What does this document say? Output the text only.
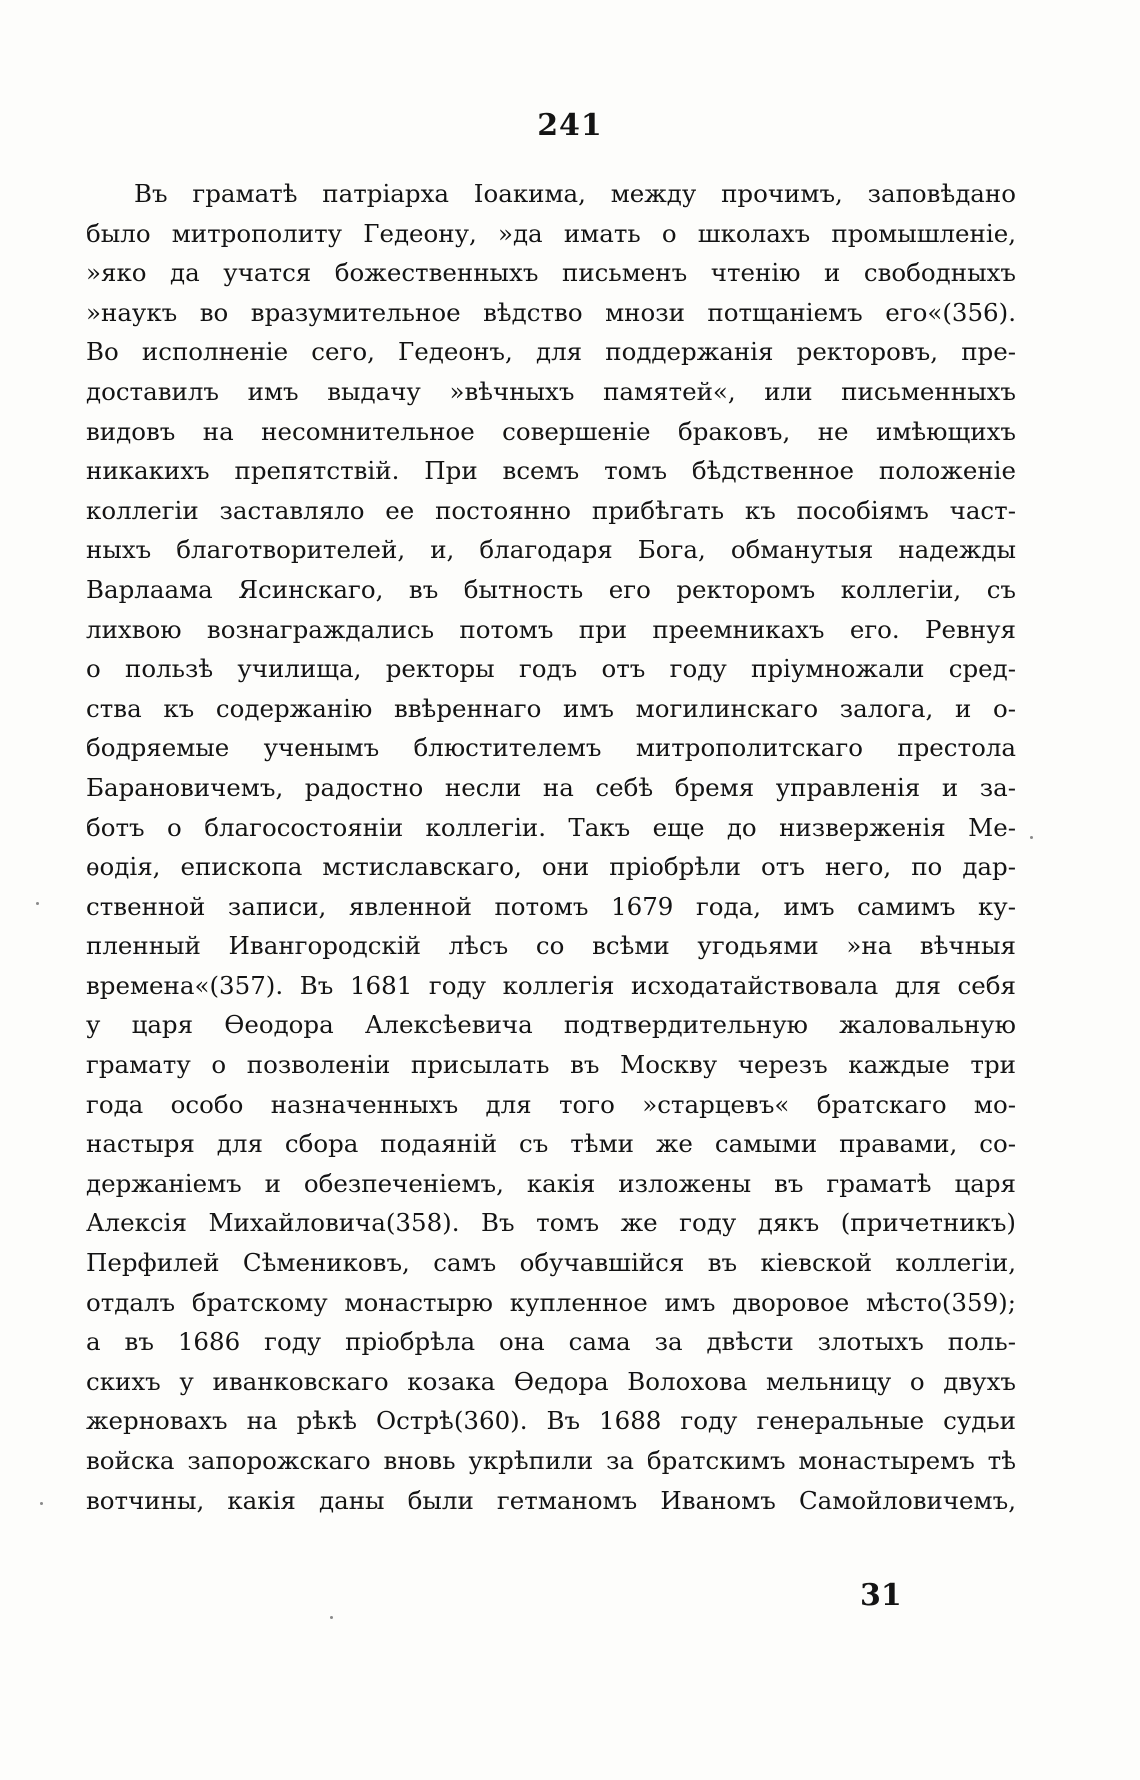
241
Въ граматѣ патріарха Іоакима, между прочимъ, заповѣдано
было митрополиту Гедеону, »да имать о школахъ промышленіе,
»яко да учатся божественныхъ письменъ чтенію и свободныхъ
»наукъ во вразумительное вѣдство мнози потщаніемъ его«(356).
Во исполненіе сего, Гедеонъ, для поддержанія ректоровъ, пре-
доставилъ имъ выдачу »вѣчныхъ памятей«, или письменныхъ
видовъ на несомнительное совершеніе браковъ, не имѣющихъ
никакихъ препятствій. При всемъ томъ бѣдственное положеніе
коллегіи заставляло ее постоянно прибѣгать къ пособіямъ част-
ныхъ благотворителей, и, благодаря Бога, обманутыя надежды
Варлаама Ясинскаго, въ бытность его ректоромъ коллегіи, съ
лихвою вознаграждались потомъ при преемникахъ его. Ревнуя
о пользѣ училища, ректоры годъ отъ году пріумножали сред-
ства къ содержанію ввѣреннаго имъ могилинскаго залога, и о-
бодряемые ученымъ блюстителемъ митрополитскаго престола
Барановичемъ, радостно несли на себѣ бремя управленія и за-
ботъ о благосостояніи коллегіи. Такъ еще до низверженія Ме-
ѳодія, епископа мстиславскаго, они пріобрѣли отъ него, по дар-
ственной записи, явленной потомъ 1679 года, имъ самимъ ку-
пленный Ивангородскій лѣсъ со всѣми угодьями »на вѣчныя
времена«(357). Въ 1681 году коллегія исходатайствовала для себя
у царя Ѳеодора Алексѣевича подтвердительную жаловальную
грамату о позволеніи присылать въ Москву черезъ каждые три
года особо назначенныхъ для того »старцевъ« братскаго мо-
настыря для сбора подаяній съ тѣми же самыми правами, со-
держаніемъ и обезпеченіемъ, какія изложены въ граматѣ царя
Алексія Михайловича(358). Въ томъ же году дякъ (причетникъ)
Перфилей Сѣмениковъ, самъ обучавшійся въ кіевской коллегіи,
отдалъ братскому монастырю купленное имъ дворовое мѣсто(359);
а въ 1686 году пріобрѣла она сама за двѣсти злотыхъ поль-
скихъ у иванковскаго козака Ѳедора Волохова мельницу о двухъ
жерновахъ на рѣкѣ Острѣ(360). Въ 1688 году генеральные судьи
войска запорожскаго вновь укрѣпили за братскимъ монастыремъ тѣ
вотчины, какія даны были гетманомъ Иваномъ Самойловичемъ,
31
